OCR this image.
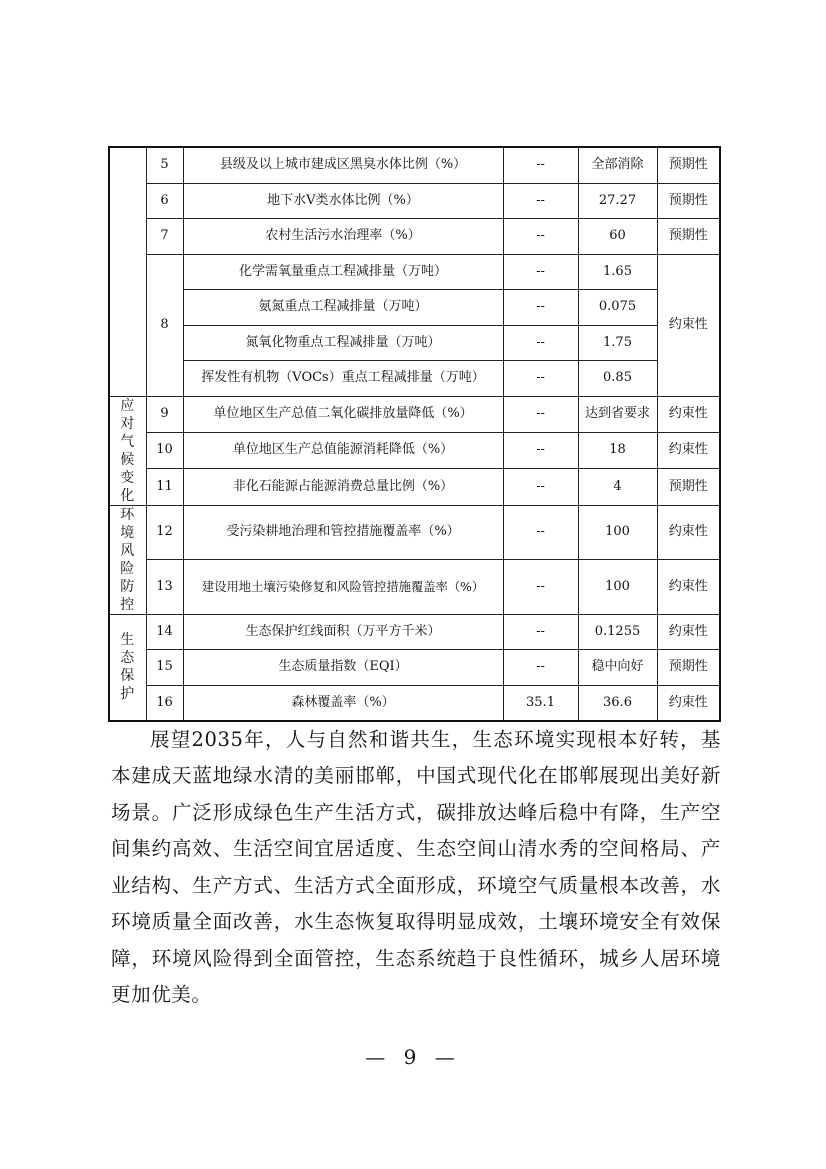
	5	县级及以上城市建成区黑臭水体比例（%）	--	全部消除	预期性
	6	地下水Ⅴ类水体比例（%）	--	27.27	预期性
	7	农村生活污水治理率（%）	--	60	预期性
	8	化学需氧量重点工程减排量（万吨）	--	1.65	约束性
		氨氮重点工程减排量（万吨）	--	0.075	
		氮氧化物重点工程减排量（万吨）	--	1.75	
		挥发性有机物（VOCs）重点工程减排量（万吨）	--	0.85	

应对气候变化	9	单位地区生产总值二氧化碳排放量降低（%）	--	达到省要求	约束性
	10	单位地区生产总值能源消耗降低（%）	--	18	约束性
	11	非化石能源占能源消费总量比例（%）	--	4	预期性

环境风险防控	12	受污染耕地治理和管控措施覆盖率（%）	--	100	约束性
	13	建设用地土壤污染修复和风险管控措施覆盖率（%）	--	100	约束性

生态保护	14	生态保护红线面积（万平方千米）	--	0.1255	约束性
	15	生态质量指数（EQI）	--	稳中向好	预期性
	16	森林覆盖率（%）	35.1	36.6	约束性

展望2035年，人与自然和谐共生，生态环境实现根本好转，基本建成天蓝地绿水清的美丽邯郸，中国式现代化在邯郸展现出美好新场景。广泛形成绿色生产生活方式，碳排放达峰后稳中有降，生产空间集约高效、生活空间宜居适度、生态空间山清水秀的空间格局、产业结构、生产方式、生活方式全面形成，环境空气质量根本改善，水环境质量全面改善，水生态恢复取得明显成效，土壤环境安全有效保障，环境风险得到全面管控，生态系统趋于良性循环，城乡人居环境更加优美。

— 9 —
